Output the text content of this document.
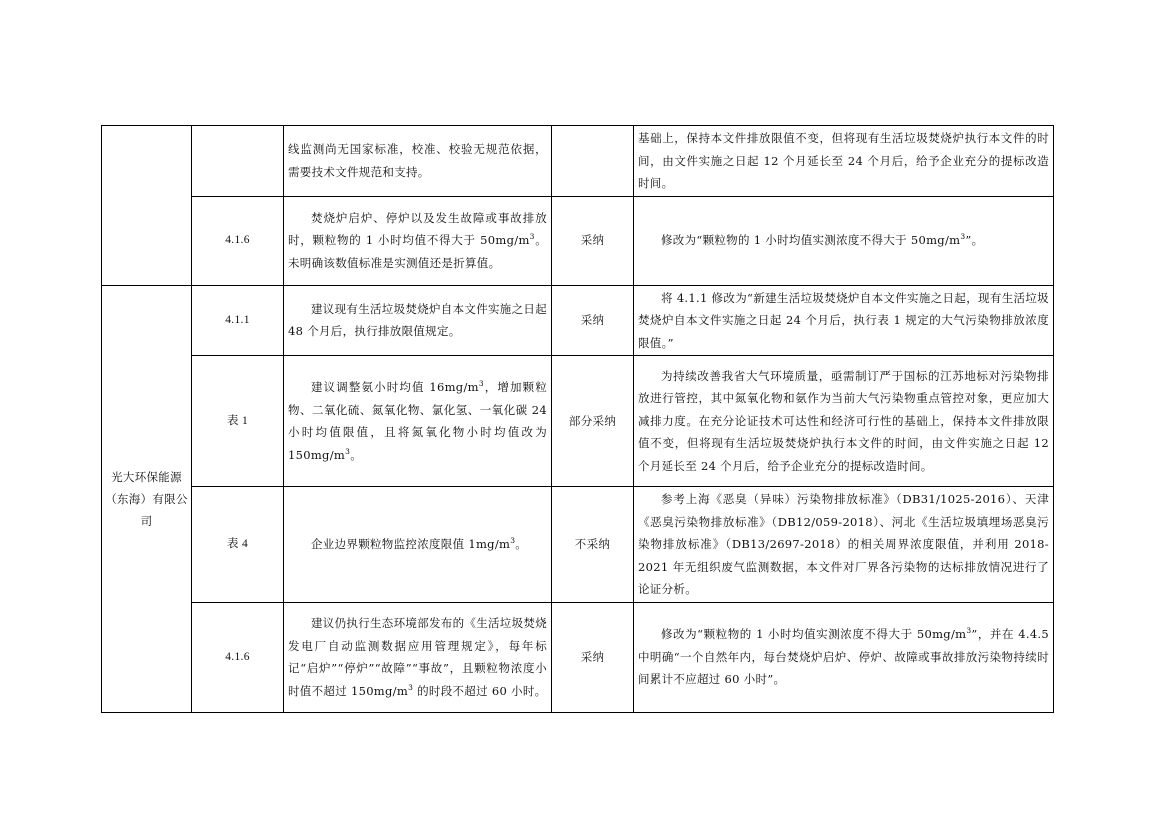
		线监测尚无国家标准，校准、校验无规范依据，需要技术文件规范和支持。		基础上，保持本文件排放限值不变，但将现有生活垃圾焚烧炉执行本文件的时间，由文件实施之日起 12 个月延长至 24 个月后，给予企业充分的提标改造时间。
	4.1.6	焚烧炉启炉、停炉以及发生故障或事故排放时，颗粒物的 1 小时均值不得大于 $50mg/m^3$。未明确该数值标准是实测值还是折算值。	采纳	修改为“颗粒物的 1 小时均值实测浓度不得大于 $50mg/m^3$”。

光大环保能源（东海）有限公司	4.1.1	建议现有生活垃圾焚烧炉自本文件实施之日起 48 个月后，执行排放限值规定。	采纳	将 4.1.1 修改为“新建生活垃圾焚烧炉自本文件实施之日起，现有生活垃圾焚烧炉自本文件实施之日起 24 个月后，执行表 1 规定的大气污染物排放浓度限值。”

	表 1	建议调整氨小时均值 $16mg/m^3$，增加颗粒物、二氧化硫、氮氧化物、氯化氢、一氧化碳 24 小时均值限值，且将氮氧化物小时均值改为 $150mg/m^3$。	部分采纳	为持续改善我省大气环境质量，亟需制订严于国标的江苏地标对污染物排放进行管控，其中氮氧化物和氨作为当前大气污染物重点管控对象，更应加大减排力度。在充分论证技术可达性和经济可行性的基础上，保持本文件排放限值不变，但将现有生活垃圾焚烧炉执行本文件的时间，由文件实施之日起 12 个月延长至 24 个月后，给予企业充分的提标改造时间。

	表 4	企业边界颗粒物监控浓度限值 $1mg/m^3$。	不采纳	参考上海《恶臭（异味）污染物排放标准》（DB31/1025-2016）、天津《恶臭污染物排放标准》（DB12/059-2018）、河北《生活垃圾填埋场恶臭污染物排放标准》（DB13/2697-2018）的相关周界浓度限值，并利用 2018-2021 年无组织废气监测数据，本文件对厂界各污染物的达标排放情况进行了论证分析。

	4.1.6	建议仍执行生态环境部发布的《生活垃圾焚烧发电厂自动监测数据应用管理规定》，每年标记“启炉”“停炉”“故障”“事故”，且颗粒物浓度小时值不超过 $150mg/m^3$ 的时段不超过 60 小时。	采纳	修改为“颗粒物的 1 小时均值实测浓度不得大于 $50mg/m^3$”，并在 4.4.5 中明确“一个自然年内，每台焚烧炉启炉、停炉、故障或事故排放污染物持续时间累计不应超过 60 小时”。
